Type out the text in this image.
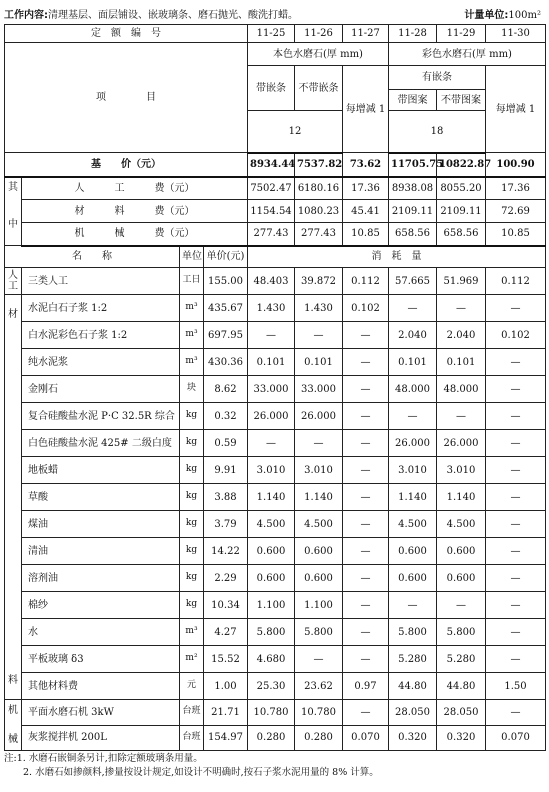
工作内容:清理基层、面层铺设、嵌玻璃条、磨石抛光、酸洗打蜡。	计量单位:100m²
定　额　编　号				11-25	11-26	11-27	11-28	11-29	11-30
项　　　　目				本色水磨石(厚 mm)			彩色水磨石(厚 mm)		
				带嵌条	不带嵌条	每增减 1	有嵌条		每增减 1
							带图案	不带图案	
				12			18		
基　　价（元）				8934.44	7537.82	73.62	11705.75	10822.87	100.90

其
中	人　　　工　　　费（元）			7502.47	6180.16	17.36	8938.08	8055.20	17.36
	材　　　料　　　费（元）			1154.54	1080.23	45.41	2109.11	2109.11	72.69
	机　　　械　　　费（元）			277.43	277.43	10.85	658.56	658.56	10.85
名　　称		单位	单价(元)	消　耗　量					
人工	三类人工	工日	155.00	48.403	39.872	0.112	57.665	51.969	0.112

材
料	水泥白石子浆 1:2	m³	435.67	1.430	1.430	0.102	—	—	—
	白水泥彩色石子浆 1:2	m³	697.95	—	—	—	2.040	2.040	0.102
	纯水泥浆	m³	430.36	0.101	0.101	—	0.101	0.101	—
	金刚石	块	8.62	33.000	33.000	—	48.000	48.000	—
	复合硅酸盐水泥 P·C 32.5R 综合	kg	0.32	26.000	26.000	—	—	—	—
	白色硅酸盐水泥 425# 二级白度	kg	0.59	—	—	—	26.000	26.000	—
	地板蜡	kg	9.91	3.010	3.010	—	3.010	3.010	—
	草酸	kg	3.88	1.140	1.140	—	1.140	1.140	—
	煤油	kg	3.79	4.500	4.500	—	4.500	4.500	—
	清油	kg	14.22	0.600	0.600	—	0.600	0.600	—
	溶剂油	kg	2.29	0.600	0.600	—	0.600	0.600	—
	棉纱	kg	10.34	1.100	1.100	—	—	—	—
	水	m³	4.27	5.800	5.800	—	5.800	5.800	—
	平板玻璃 δ3	m²	15.52	4.680	—	—	5.280	5.280	—
	其他材料费	元	1.00	25.30	23.62	0.97	44.80	44.80	1.50

机
械	平面水磨石机 3kW	台班	21.71	10.780	10.780	—	28.050	28.050	—
	灰浆搅拌机 200L	台班	154.97	0.280	0.280	0.070	0.320	0.320	0.070
注:1. 水磨石嵌铜条另计,扣除定额玻璃条用量。
　　2. 水磨石如掺颜料,掺量按设计规定,如设计不明确时,按石子浆水泥用量的 8% 计算。
